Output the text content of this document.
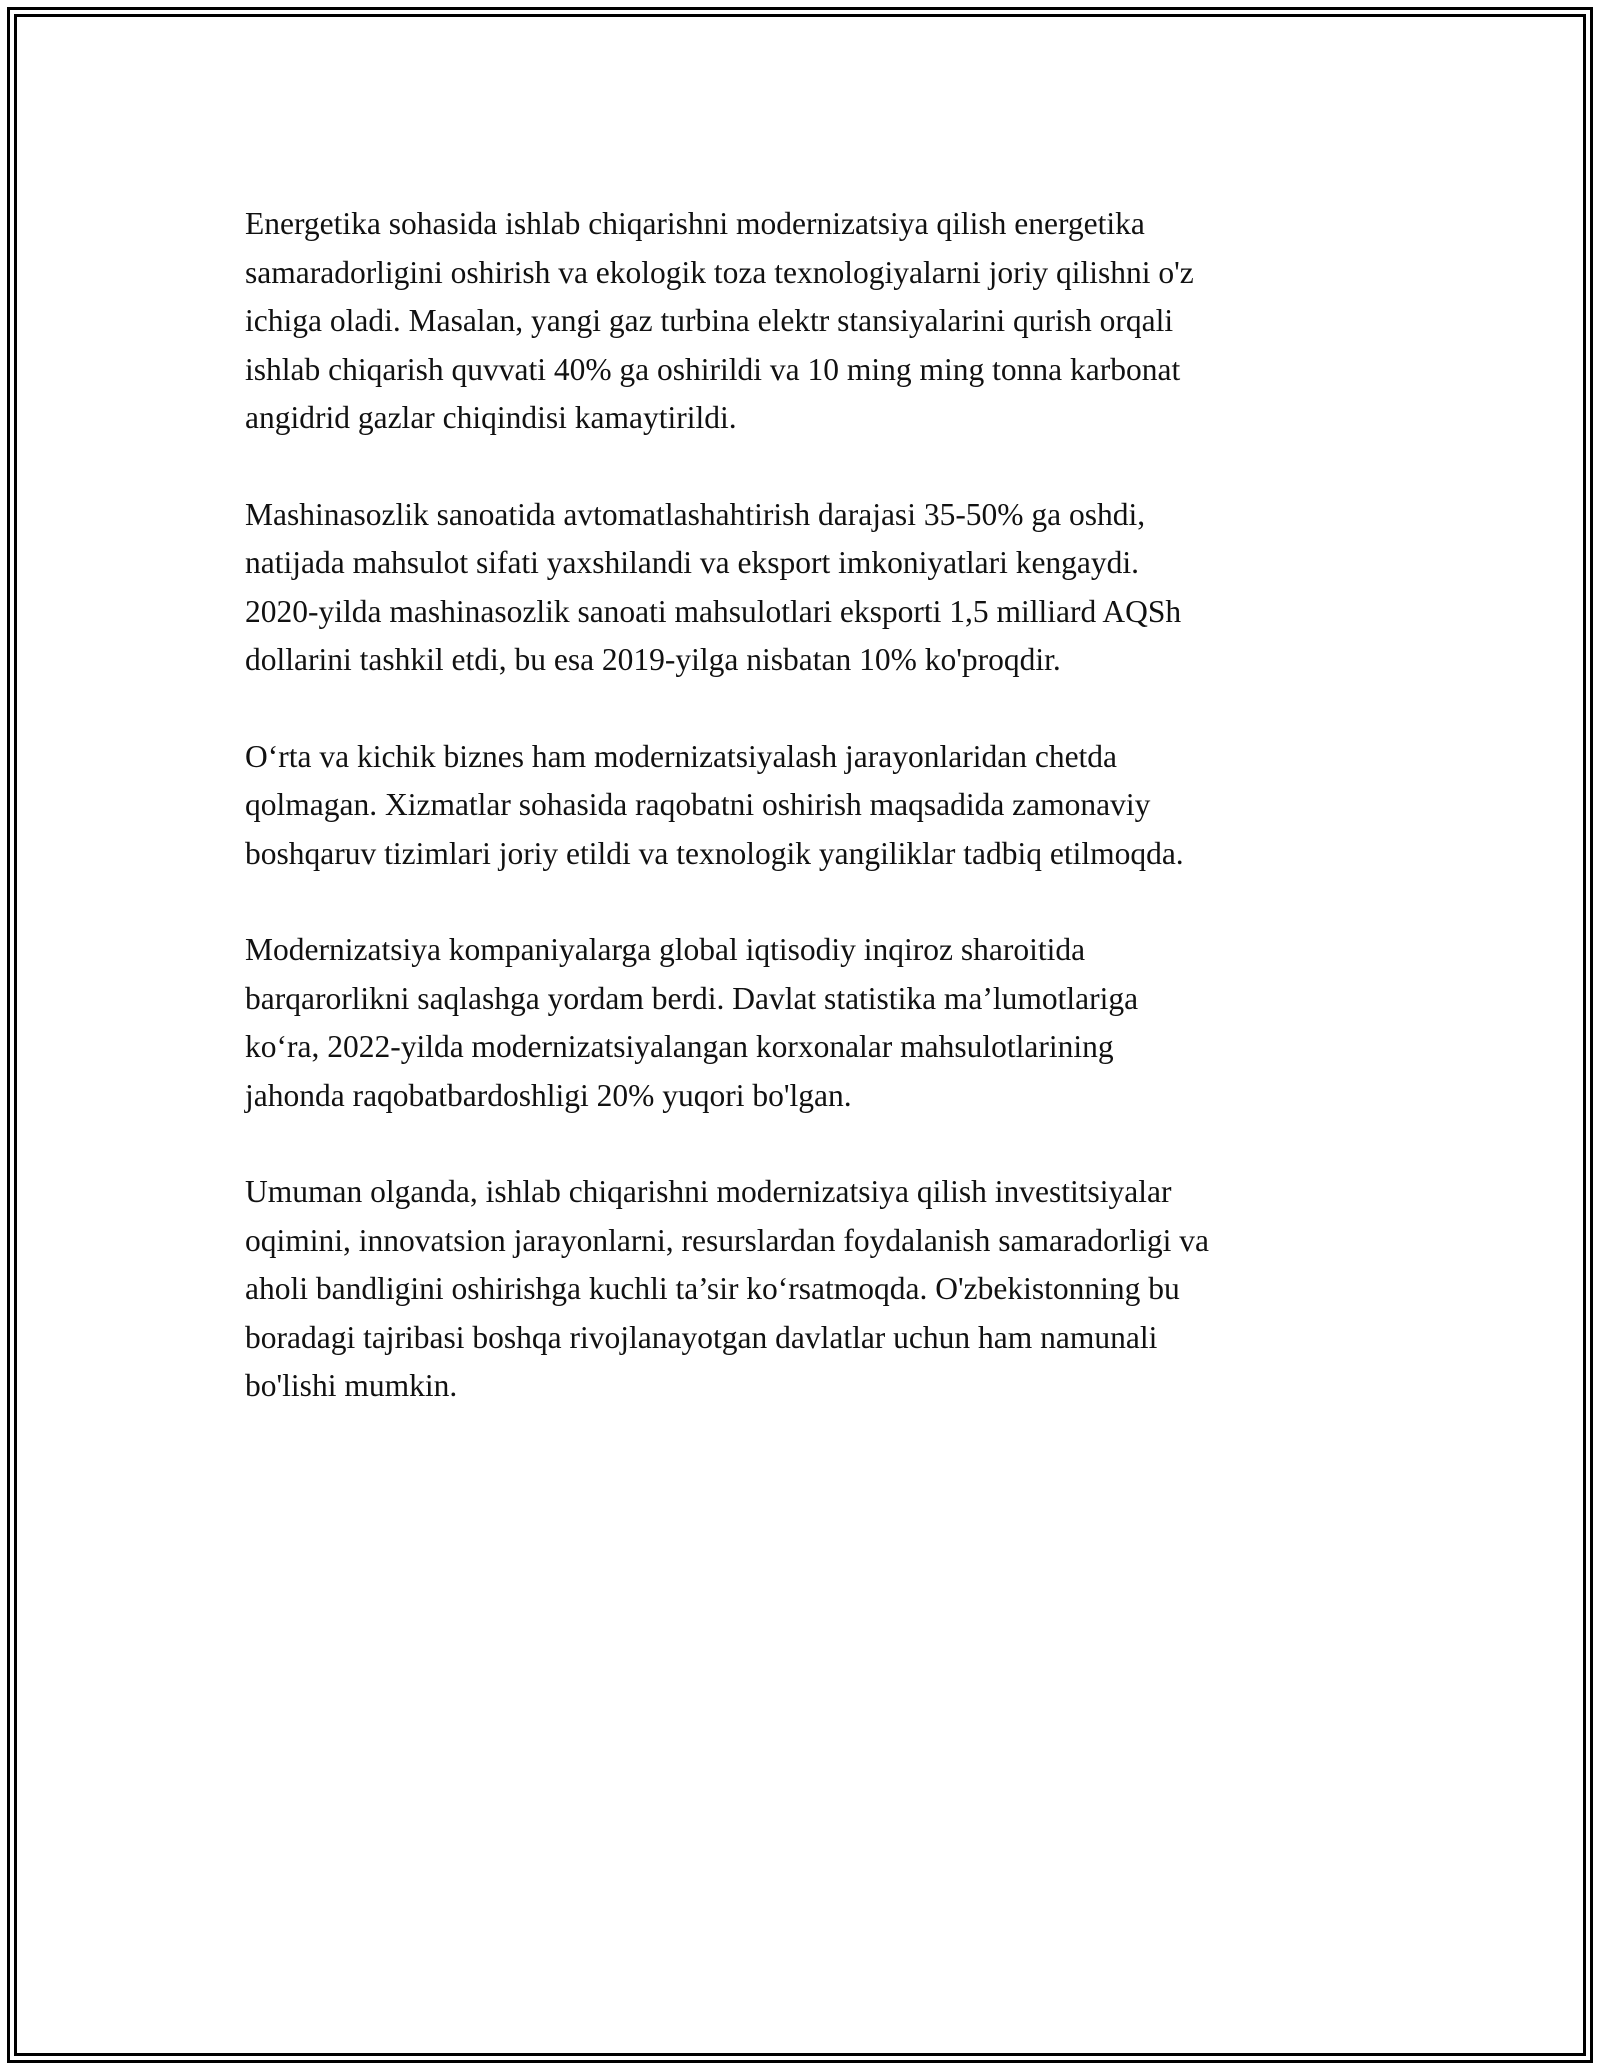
Energetika sohasida ishlab chiqarishni modernizatsiya qilish energetika
samaradorligini oshirish va ekologik toza texnologiyalarni joriy qilishni o'z
ichiga oladi. Masalan, yangi gaz turbina elektr stansiyalarini qurish orqali
ishlab chiqarish quvvati 40% ga oshirildi va 10 ming ming tonna karbonat
angidrid gazlar chiqindisi kamaytirildi.

Mashinasozlik sanoatida avtomatlashahtirish darajasi 35-50% ga oshdi,
natijada mahsulot sifati yaxshilandi va eksport imkoniyatlari kengaydi.
2020-yilda mashinasozlik sanoati mahsulotlari eksporti 1,5 milliard AQSh
dollarini tashkil etdi, bu esa 2019-yilga nisbatan 10% ko'proqdir.

O‘rta va kichik biznes ham modernizatsiyalash jarayonlaridan chetda
qolmagan. Xizmatlar sohasida raqobatni oshirish maqsadida zamonaviy
boshqaruv tizimlari joriy etildi va texnologik yangiliklar tadbiq etilmoqda.

Modernizatsiya kompaniyalarga global iqtisodiy inqiroz sharoitida
barqarorlikni saqlashga yordam berdi. Davlat statistika ma’lumotlariga
ko‘ra, 2022-yilda modernizatsiyalangan korxonalar mahsulotlarining
jahonda raqobatbardoshligi 20% yuqori bo'lgan.

Umuman olganda, ishlab chiqarishni modernizatsiya qilish investitsiyalar
oqimini, innovatsion jarayonlarni, resurslardan foydalanish samaradorligi va
aholi bandligini oshirishga kuchli ta’sir ko‘rsatmoqda. O'zbekistonning bu
boradagi tajribasi boshqa rivojlanayotgan davlatlar uchun ham namunali
bo'lishi mumkin.
